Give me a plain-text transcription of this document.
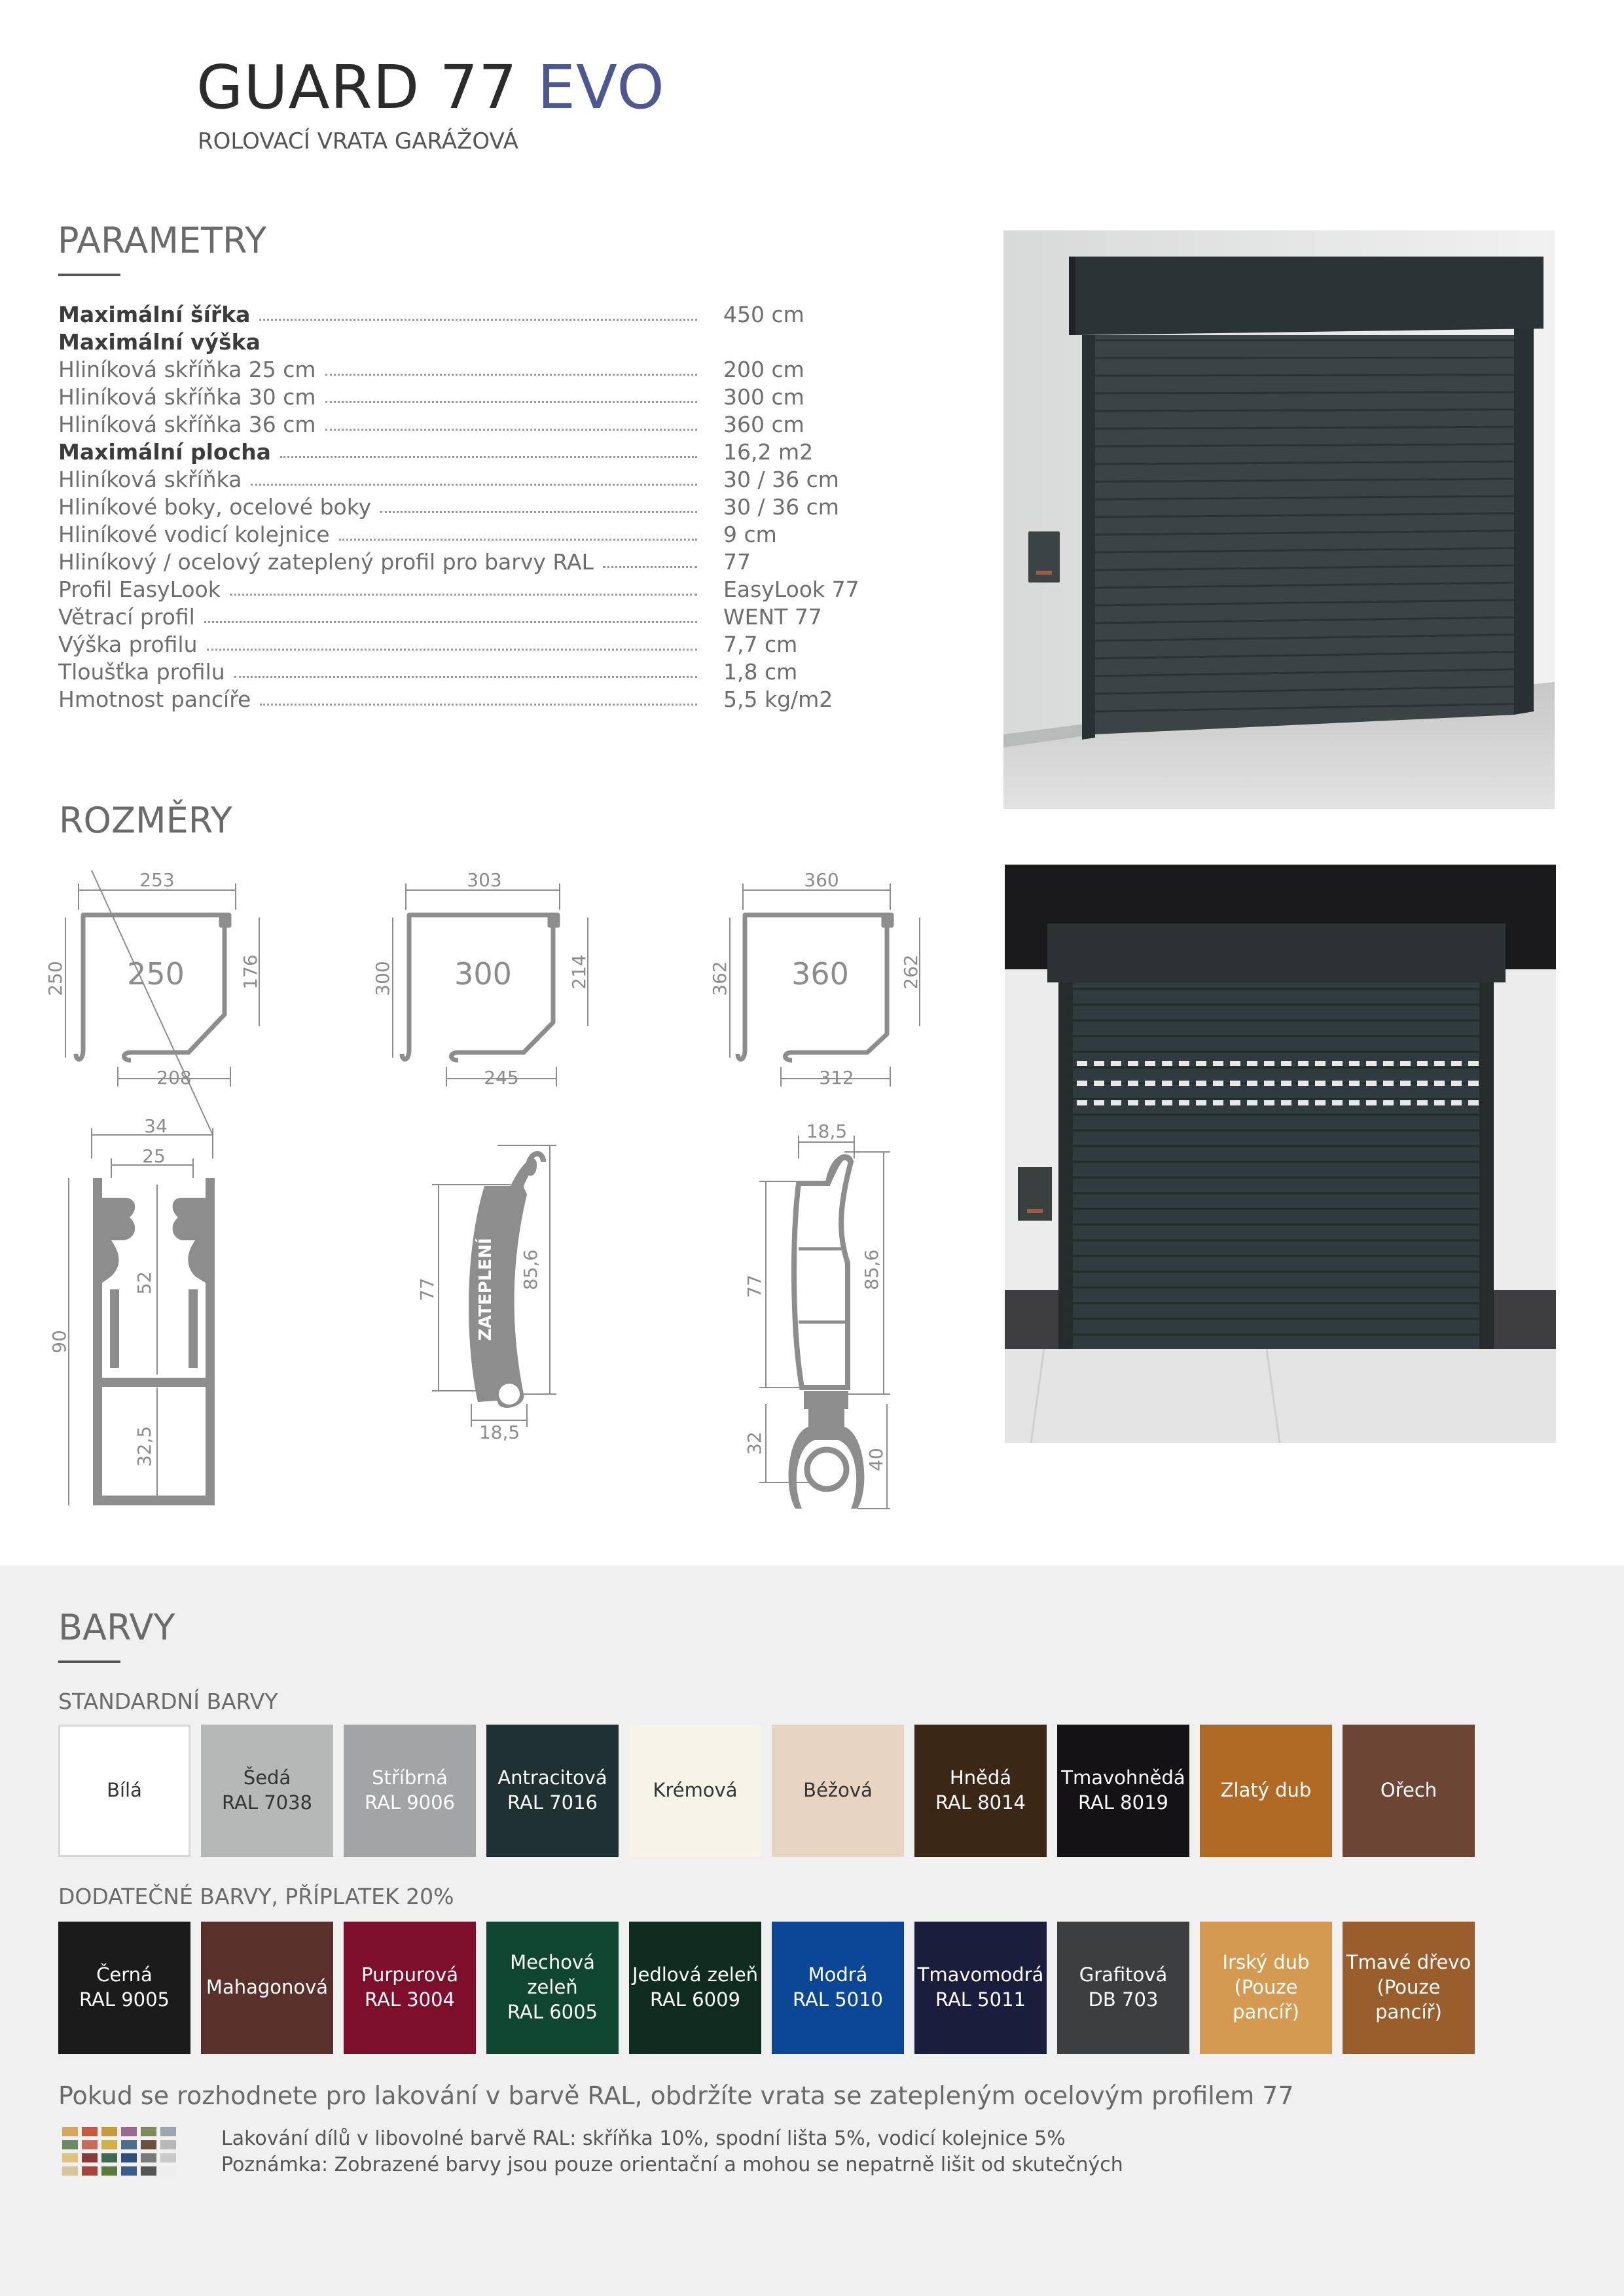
GUARD 77 EVO
ROLOVACÍ VRATA GARÁŽOVÁ
PARAMETRY
Maximální šířka	450 cm
Maximální výška
Hliníková skříňka 25 cm	200 cm
Hliníková skříňka 30 cm	300 cm
Hliníková skříňka 36 cm	360 cm
Maximální plocha	16,2 m2
Hliníková skříňka	30 / 36 cm
Hliníkové boky, ocelové boky	30 / 36 cm
Hliníkové vodicí kolejnice	9 cm
Hliníkový / ocelový zateplený profil pro barvy RAL	77
Profil EasyLook	EasyLook 77
Větrací profil	WENT 77
Výška profilu	7,7 cm
Tloušťka profilu	1,8 cm
Hmotnost pancíře	5,5 kg/m2
ROZMĚRY
253
250
208
250	176
303
300
245
300	214
360
360
312
362	262
34
25
90
52
32,5
77	85,6
18,5
ZATEPLENÍ
18,5
77	85,6
32
40
BARVY
STANDARDNÍ BARVY
Bílá
Šedá
RAL 7038
Stříbrná
RAL 9006
Antracitová
RAL 7016
Krémová	Béžová
Hnědá
RAL 8014
Tmavohnědá
RAL 8019
Zlatý dub	Ořech
DODATEČNÉ BARVY, PŘÍPLATEK 20%
Černá
RAL 9005
Mahagonová
Purpurová
RAL 3004
Mechová zeleň
RAL 6005
Jedlová zeleň
RAL 6009
Modrá
RAL 5010
Tmavomodrá
RAL 5011
Grafitová
DB 703
Irský dub
(Pouze pancíř)
Tmavé dřevo
(Pouze pancíř)
Pokud se rozhodnete pro lakování v barvě RAL, obdržíte vrata se zatepleným ocelovým profilem 77
Lakování dílů v libovolné barvě RAL: skříňka 10%, spodní lišta 5%, vodicí kolejnice 5%
Poznámka: Zobrazené barvy jsou pouze orientační a mohou se nepatrně lišit od skutečných
